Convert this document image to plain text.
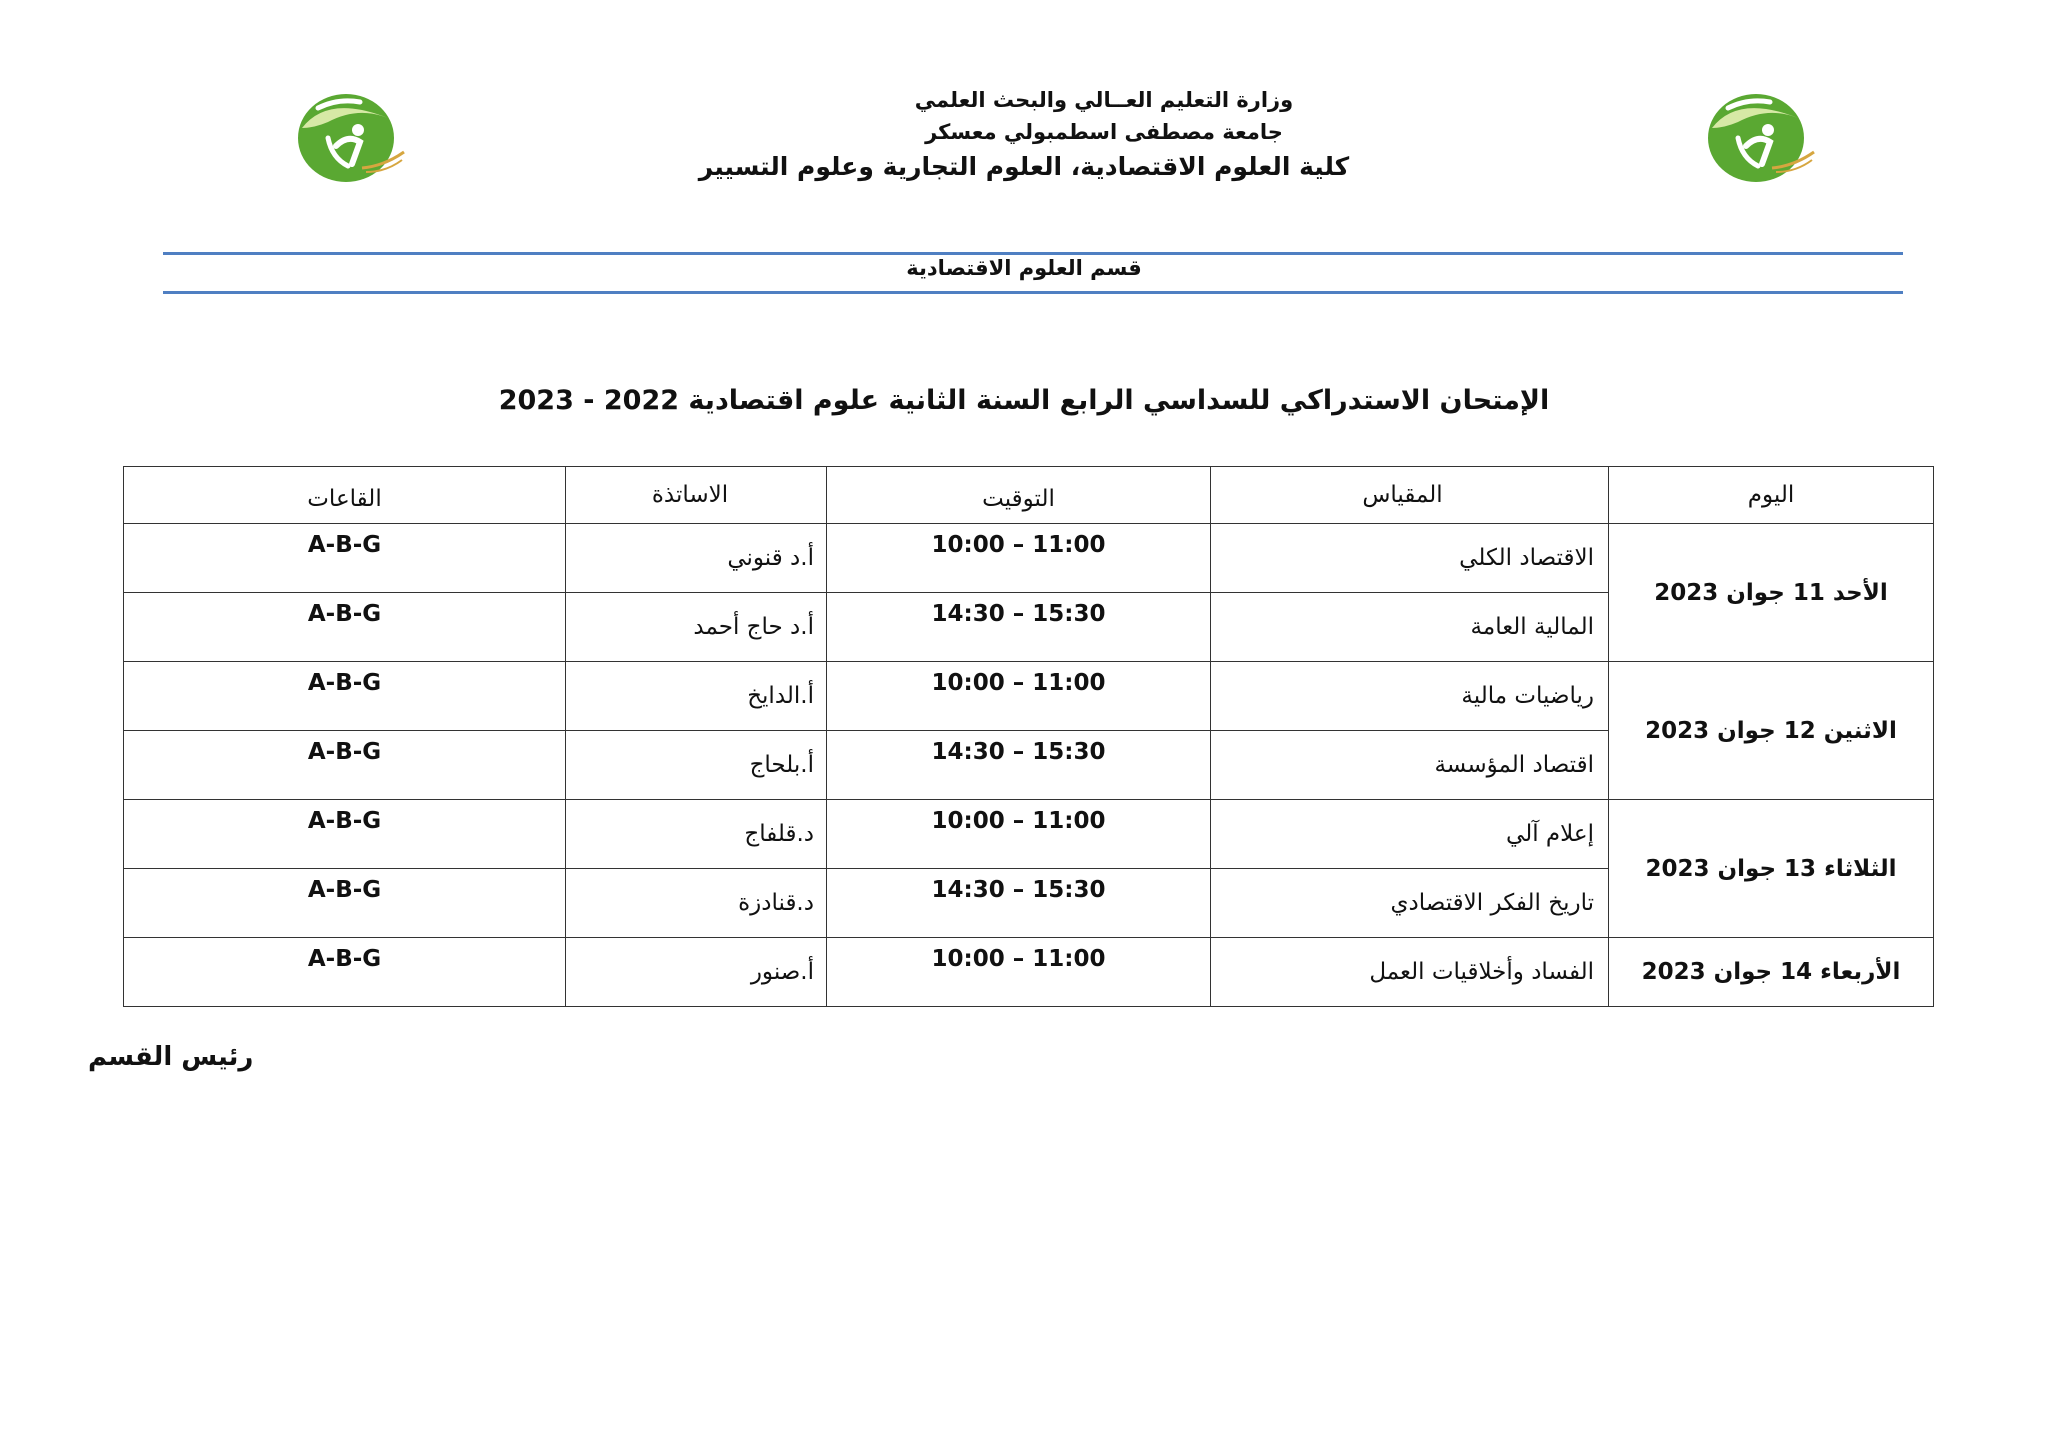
وزارة التعليم العــالي والبحث العلمي
جامعة مصطفى اسطمبولي معسكر
كلية العلوم الاقتصادية، العلوم التجارية وعلوم التسيير
قسم العلوم الاقتصادية
الإمتحان الاستدراكي للسداسي الرابع السنة الثانية علوم اقتصادية 2022 - 2023
اليوم	المقياس	التوقيت	الاساتذة	القاعات
الأحد 11 جوان 2023	الاقتصاد الكلي	10:00 – 11:00	أ.د قنوني	A-B-G
	المالية العامة	14:30 – 15:30	أ.د حاج أحمد	A-B-G
الاثنين 12 جوان 2023	رياضيات مالية	10:00 – 11:00	أ.الدايخ	A-B-G
	اقتصاد المؤسسة	14:30 – 15:30	أ.بلحاج	A-B-G
الثلاثاء 13 جوان 2023	إعلام آلي	10:00 – 11:00	د.قلفاج	A-B-G
	تاريخ الفكر الاقتصادي	14:30 – 15:30	د.قنادزة	A-B-G
الأربعاء 14 جوان 2023	الفساد وأخلاقيات العمل	10:00 – 11:00	أ.صنور	A-B-G
رئيس القسم
